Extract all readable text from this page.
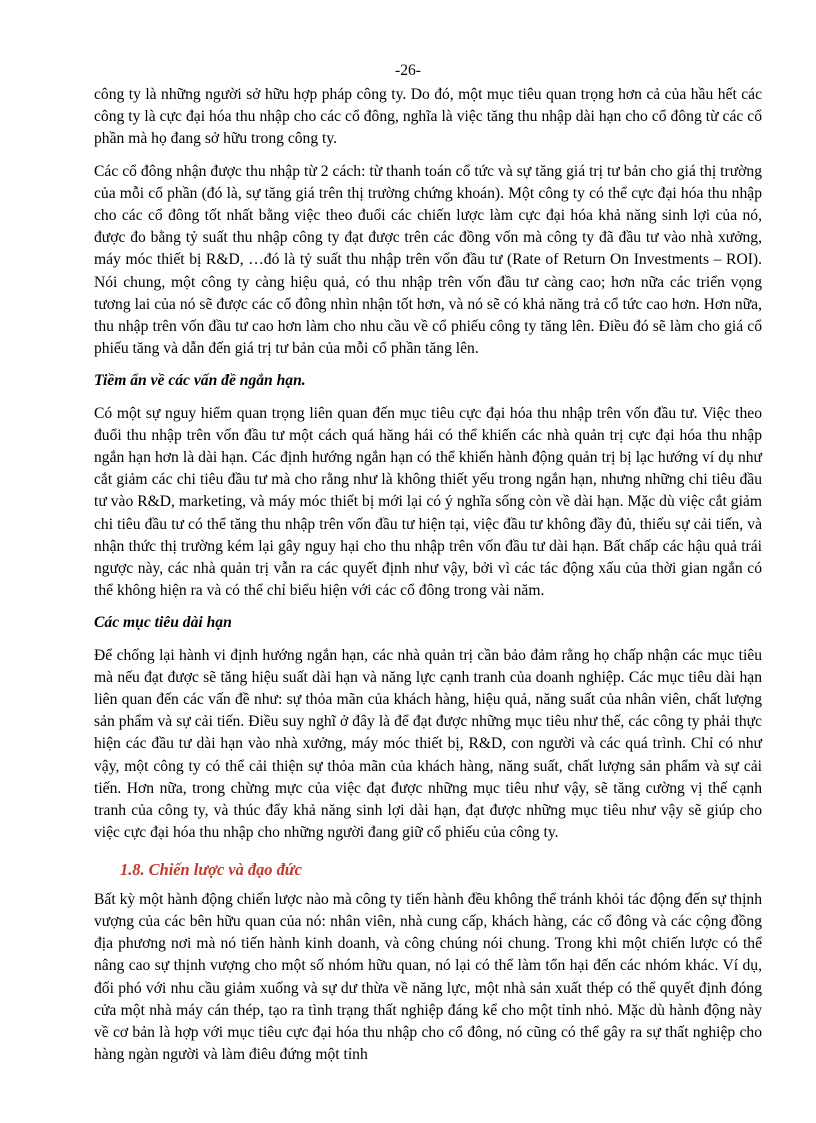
-26-

công ty là những người sở hữu hợp pháp công ty. Do đó, một mục tiêu quan trọng hơn cả của hầu hết các công ty là cực đại hóa thu nhập cho các cổ đông, nghĩa là việc tăng thu nhập dài hạn cho cổ đông từ các cổ phần mà họ đang sở hữu trong công ty.

Các cổ đông nhận được thu nhập từ 2 cách: từ thanh toán cổ tức và sự tăng giá trị tư bản cho giá thị trường của mỗi cổ phần (đó là, sự tăng giá trên thị trường chứng khoán). Một công ty có thể cực đại hóa thu nhập cho các cổ đông tốt nhất bằng việc theo đuổi các chiến lược làm cực đại hóa khả năng sinh lợi của nó, được đo bằng tỷ suất thu nhập công ty đạt được trên các đồng vốn mà công ty đã đầu tư vào nhà xưởng, máy móc thiết bị R&D, …đó là tỷ suất thu nhập trên vốn đầu tư (Rate of Return On Investments – ROI). Nói chung, một công ty càng hiệu quả, có thu nhập trên vốn đầu tư càng cao; hơn nữa các triển vọng tương lai của nó sẽ được các cổ đông nhìn nhận tốt hơn, và nó sẽ có khả năng trả cổ tức cao hơn. Hơn nữa, thu nhập trên vốn đầu tư cao hơn làm cho nhu cầu về cổ phiếu công ty tăng lên. Điều đó sẽ làm cho giá cổ phiếu tăng và dẫn đến giá trị tư bản của mỗi cổ phần tăng lên.

Tiềm ẩn về các vấn đề ngắn hạn.

Có một sự nguy hiểm quan trọng liên quan đến mục tiêu cực đại hóa thu nhập trên vốn đầu tư. Việc theo đuổi thu nhập trên vốn đầu tư một cách quá hăng hái có thể khiến các nhà quản trị cực đại hóa thu nhập ngắn hạn hơn là dài hạn. Các định hướng ngắn hạn có thể khiến hành động quản trị bị lạc hướng ví dụ như cắt giảm các chi tiêu đầu tư mà cho rằng như là không thiết yếu trong ngắn hạn, nhưng những chi tiêu đầu tư vào R&D, marketing, và máy móc thiết bị mới lại có ý nghĩa sống còn về dài hạn. Mặc dù việc cắt giảm chi tiêu đầu tư có thể tăng thu nhập trên vốn đầu tư hiện tại, việc đầu tư không đầy đủ, thiếu sự cải tiến, và nhận thức thị trường kém lại gây nguy hại cho thu nhập trên vốn đầu tư dài hạn. Bất chấp các hậu quả trái ngược này, các nhà quản trị vẫn ra các quyết định như vậy, bởi vì các tác động xấu của thời gian ngắn có thể không hiện ra và có thể chỉ biểu hiện với các cổ đông trong vài năm.

Các mục tiêu dài hạn

Để chống lại hành vi định hướng ngắn hạn, các nhà quản trị cần bảo đảm rằng họ chấp nhận các mục tiêu mà nếu đạt được sẽ tăng hiệu suất dài hạn và năng lực cạnh tranh của doanh nghiệp. Các mục tiêu dài hạn liên quan đến các vấn đề như: sự thỏa mãn của khách hàng, hiệu quả, năng suất của nhân viên, chất lượng sản phẩm và sự cải tiến. Điều suy nghĩ ở đây là để đạt được những mục tiêu như thế, các công ty phải thực hiện các đầu tư dài hạn vào nhà xưởng, máy móc thiết bị, R&D, con người và các quá trình. Chỉ có như vậy, một công ty có thể cải thiện sự thỏa mãn của khách hàng, năng suất, chất lượng sản phẩm và sự cải tiến. Hơn nữa, trong chừng mực của việc đạt được những mục tiêu như vậy, sẽ tăng cường vị thế cạnh tranh của công ty, và thúc đẩy khả năng sinh lợi dài hạn, đạt được những mục tiêu như vậy sẽ giúp cho việc cực đại hóa thu nhập cho những người đang giữ cổ phiếu của công ty.

1.8. Chiến lược và đạo đức

Bất kỳ một hành động chiến lược nào mà công ty tiến hành đều không thể tránh khỏi tác động đến sự thịnh vượng của các bên hữu quan của nó: nhân viên, nhà cung cấp, khách hàng, các cổ đông và các cộng đồng địa phương nơi mà nó tiến hành kinh doanh, và công chúng nói chung. Trong khi một chiến lược có thể nâng cao sự thịnh vượng cho một số nhóm hữu quan, nó lại có thể làm tổn hại đến các nhóm khác. Ví dụ, đối phó với nhu cầu giảm xuống và sự dư thừa về năng lực, một nhà sản xuất thép có thể quyết định đóng cửa một nhà máy cán thép, tạo ra tình trạng thất nghiệp đáng kể cho một tỉnh nhỏ. Mặc dù hành động này về cơ bản là hợp với mục tiêu cực đại hóa thu nhập cho cổ đông, nó cũng có thể gây ra sự thất nghiệp cho hàng ngàn người và làm điêu đứng một tỉnh
